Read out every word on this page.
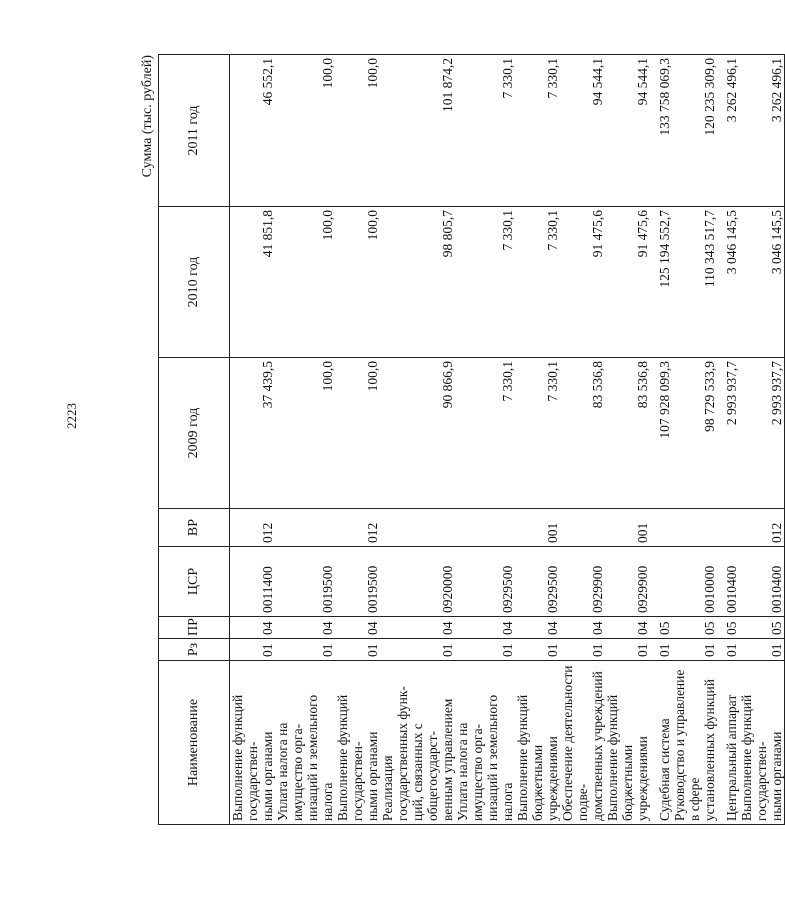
2223
Сумма (тыс. рублей)
Наименование	Рз	ПР	ЦСР	ВР	2009 год	2010 год	2011 год
Выполнение функций государствен-
ными органами	01	04	0011400	012	37 439,5	41 851,8	46 552,1
Уплата налога на имущество орга-
низаций и земельного налога	01	04	0019500		100,0	100,0	100,0
Выполнение функций государствен-
ными органами	01	04	0019500	012	100,0	100,0	100,0
Реализация государственных функ-
ций, связанных с общегосударст-
венным управлением	01	04	0920000		90 866,9	98 805,7	101 874,2
Уплата налога на имущество орга-
низаций и земельного налога	01	04	0929500		7 330,1	7 330,1	7 330,1
Выполнение функций бюджетными
учреждениями	01	04	0929500	001	7 330,1	7 330,1	7 330,1
Обеспечение деятельности подве-
домственных учреждений	01	04	0929900		83 536,8	91 475,6	94 544,1
Выполнение функций бюджетными
учреждениями	01	04	0929900	001	83 536,8	91 475,6	94 544,1
Судебная система	01	05			107 928 099,3	125 194 552,7	133 758 069,3
Руководство и управление в сфере
установленных функций	01	05	0010000		98 729 533,9	110 343 517,7	120 235 309,0
Центральный аппарат	01	05	0010400		2 993 937,7	3 046 145,5	3 262 496,1
Выполнение функций государствен-
ными органами	01	05	0010400	012	2 993 937,7	3 046 145,5	3 262 496,1
